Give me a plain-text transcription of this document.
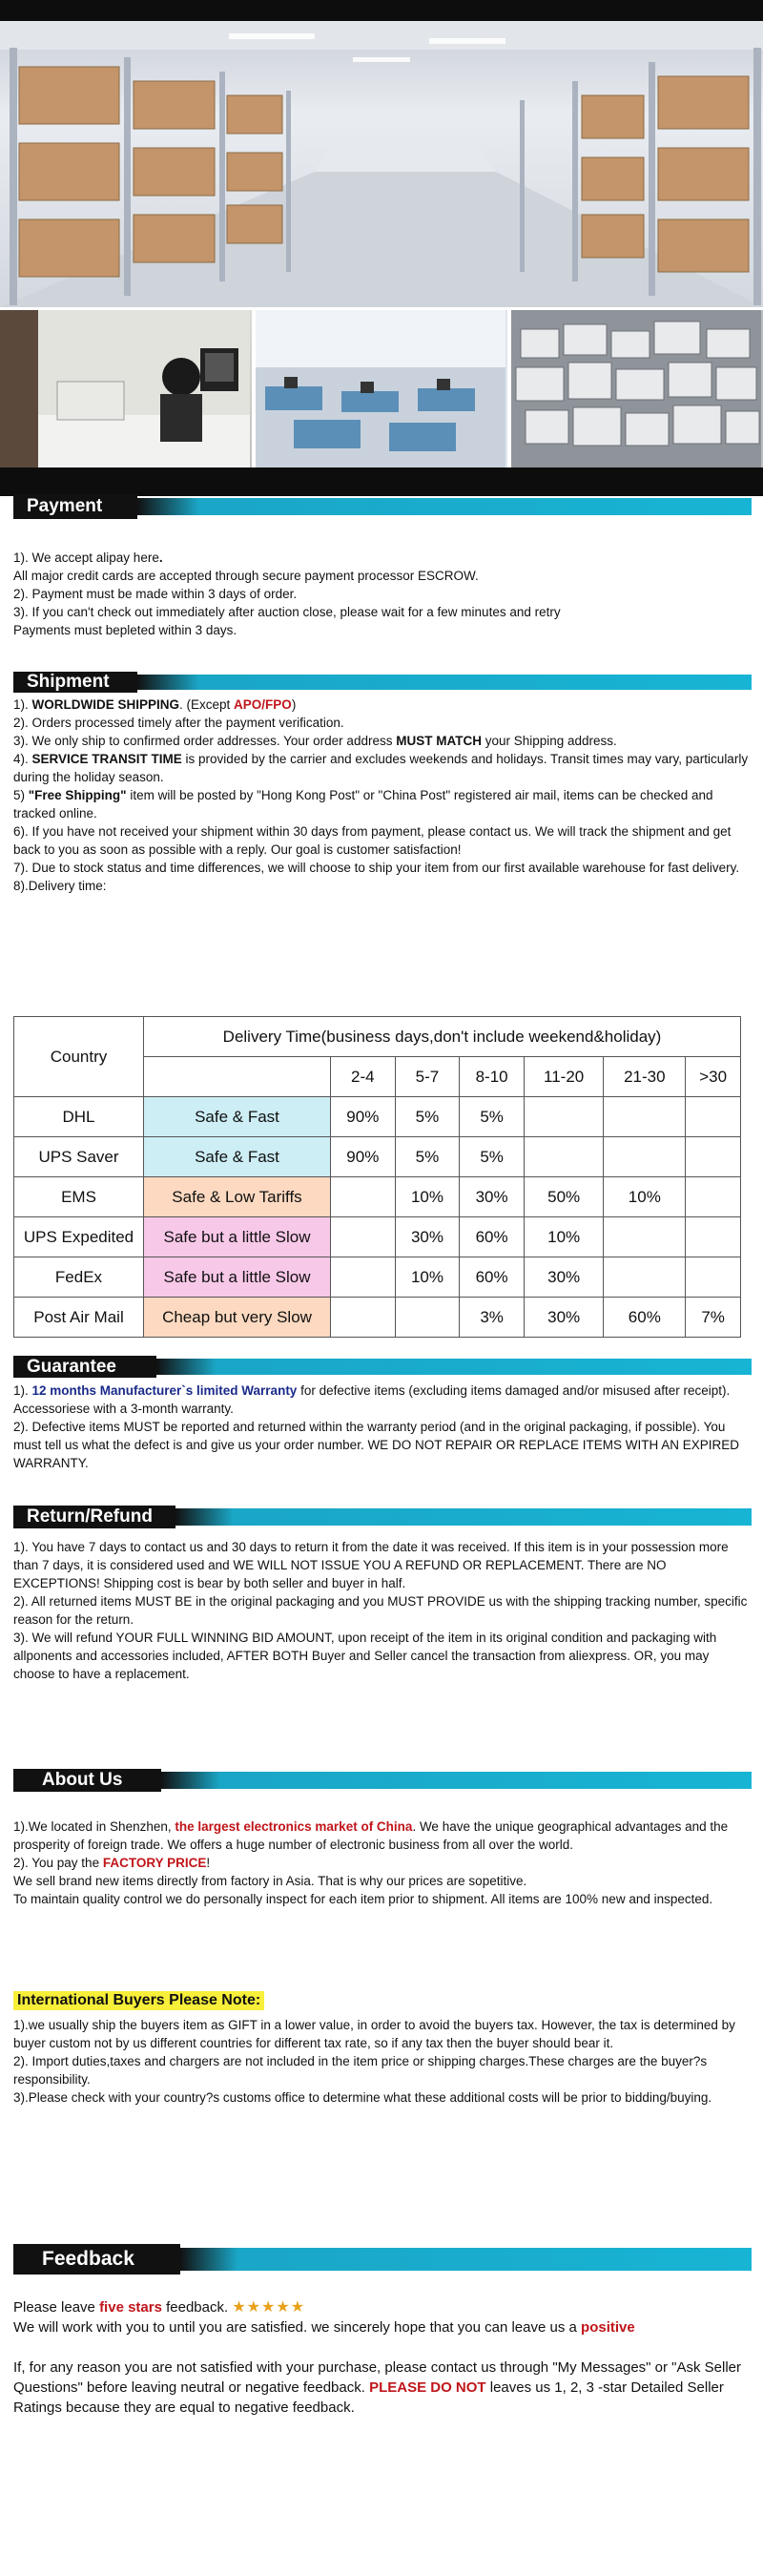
Payment

1). We accept alipay here.

All major credit cards are accepted through secure payment processor ESCROW.

2). Payment must be made within 3 days of order.

3). If you can't check out immediately after auction close, please wait for a few minutes and retry

Payments must bepleted within 3 days.

Shipment

1). WORLDWIDE SHIPPING. (Except APO/FPO)

2). Orders processed timely after the payment verification.

3). We only ship to confirmed order addresses. Your order address MUST MATCH your Shipping address.

4). SERVICE TRANSIT TIME is provided by the carrier and excludes weekends and holidays. Transit times may vary, particularly during the holiday season.

5) "Free Shipping" item will be posted by "Hong Kong Post" or "China Post" registered air mail, items can be checked and tracked online.

6). If you have not received your shipment within 30 days from payment, please contact us. We will track the shipment and get back to you as soon as possible with a reply. Our goal is customer satisfaction!

7). Due to stock status and time differences, we will choose to ship your item from our first available warehouse for fast delivery.

8).Delivery time:

Country	Delivery Time(business days,don't include weekend&holiday)						
		2-4	5-7	8-10	11-20	21-30	>30
DHL	Safe & Fast	90%	5%	5%			
UPS Saver	Safe & Fast	90%	5%	5%			
EMS	Safe & Low Tariffs		10%	30%	50%	10%	
UPS Expedited	Safe but a little Slow		30%	60%	10%		
FedEx	Safe but a little Slow		10%	60%	30%		
Post Air Mail	Cheap but very Slow			3%	30%	60%	7%
Guarantee

1). 12 months Manufacturer`s limited Warranty for defective items (excluding items damaged and/or misused after receipt). Accessoriese with a 3-month warranty.

2). Defective items MUST be reported and returned within the warranty period (and in the original packaging, if possible). You must tell us what the defect is and give us your order number. WE DO NOT REPAIR OR REPLACE ITEMS WITH AN EXPIRED WARRANTY.

Return/Refund

1). You have 7 days to contact us and 30 days to return it from the date it was received. If this item is in your possession more than 7 days, it is considered used and WE WILL NOT ISSUE YOU A REFUND OR REPLACEMENT. There are NO EXCEPTIONS! Shipping cost is bear by both seller and buyer in half.

2). All returned items MUST BE in the original packaging and you MUST PROVIDE us with the shipping tracking number, specific reason for the return.

3). We will refund YOUR FULL WINNING BID AMOUNT, upon receipt of the item in its original condition and packaging with allponents and accessories included, AFTER BOTH Buyer and Seller cancel the transaction from aliexpress. OR, you may choose to have a replacement.

About Us

1).We located in Shenzhen, the largest electronics market of China. We have the unique geographical advantages and the prosperity of foreign trade. We offers a huge number of electronic business from all over the world.

2). You pay the FACTORY PRICE!

We sell brand new items directly from factory in Asia. That is why our prices are sopetitive.

To maintain quality control we do personally inspect for each item prior to shipment. All items are 100% new and inspected.

International Buyers Please Note:

1).we usually ship the buyers item as GIFT in a lower value, in order to avoid the buyers tax. However, the tax is determined by buyer custom not by us different countries for different tax rate, so if any tax then the buyer should bear it.

2). Import duties,taxes and chargers are not included in the item price or shipping charges.These charges are the buyer?s responsibility.

3).Please check with your country?s customs office to determine what these additional costs will be prior to bidding/buying.

Feedback

Please leave five stars feedback. ★★★★★

We will work with you to until you are satisfied. we sincerely hope that you can leave us a positive

If, for any reason you are not satisfied with your purchase, please contact us through "My Messages" or "Ask Seller Questions" before leaving neutral or negative feedback. PLEASE DO NOT leaves us 1, 2, 3 -star Detailed Seller Ratings because they are equal to negative feedback.
